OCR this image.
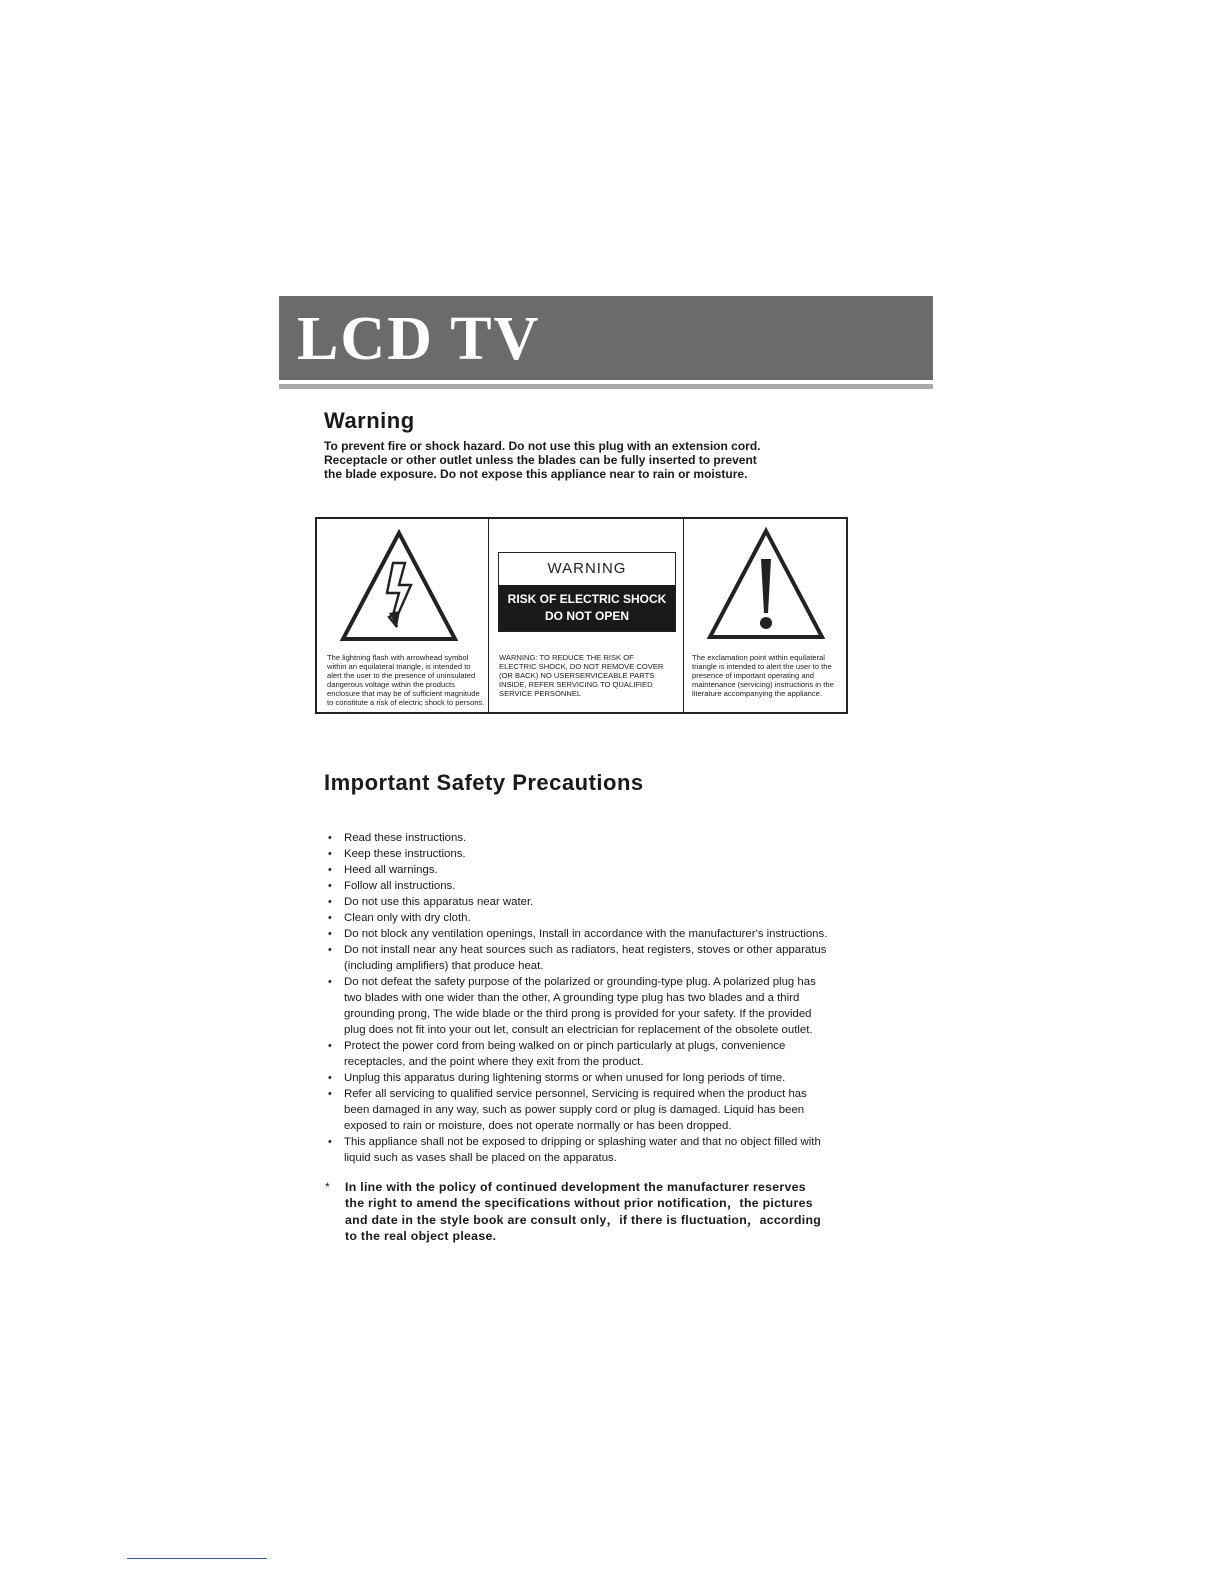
LCD TV
Warning
To prevent fire or shock hazard. Do not use this plug with an extension cord.
Receptacle or other outlet unless the blades can be fully inserted to prevent
the blade exposure. Do not expose this appliance near to rain or moisture.
The lightning flash with arrowhead symbol
within an equilateral triangle, is intended to
alert the user to the presence of uninsulated
dangerous voltage within the products
enclosure that may be of sufficient magnitude
to constitute a risk of electric shock to persons.
WARNING
RISK OF ELECTRIC SHOCK
DO NOT OPEN
WARNING: TO REDUCE THE RISK OF
ELECTRIC SHOCK, DO NOT REMOVE COVER
(OR BACK) NO USERSERVICEABLE PARTS
INSIDE, REFER SERVICING TO QUALIFIED
SERVICE PERSONNEL
The exclamation point within equilateral
triangle is intended to alert the user to the
presence of important operating and
maintenance (servicing) instructions in the
literature accompanying the appliance.
Important Safety Precautions
• Read these instructions.
• Keep these instructions.
• Heed all warnings.
• Follow all instructions.
• Do not use this apparatus near water.
• Clean only with dry cloth.
• Do not block any ventilation openings, Install in accordance with the manufacturer's instructions.
• Do not install near any heat sources such as radiators, heat registers, stoves or other apparatus
(including amplifiers) that produce heat.
• Do not defeat the safety purpose of the polarized or grounding-type plug. A polarized plug has
two blades with one wider than the other, A grounding type plug has two blades and a third
grounding prong, The wide blade or the third prong is provided for your safety. If the provided
plug does not fit into your out let, consult an electrician for replacement of the obsolete outlet.
• Protect the power cord from being walked on or pinch particularly at plugs, convenience
receptacles, and the point where they exit from the product.
• Unplug this apparatus during lightening storms or when unused for long periods of time.
• Refer all servicing to qualified service personnel, Servicing is required when the product has
been damaged in any way, such as power supply cord or plug is damaged. Liquid has been
exposed to rain or moisture, does not operate normally or has been dropped.
• This appliance shall not be exposed to dripping or splashing water and that no object filled with
liquid such as vases shall be placed on the apparatus.
* In line with the policy of continued development the manufacturer reserves
the right to amend the specifications without prior notification，the pictures
and date in the style book are consult only，if there is fluctuation，according
to the real object please.
